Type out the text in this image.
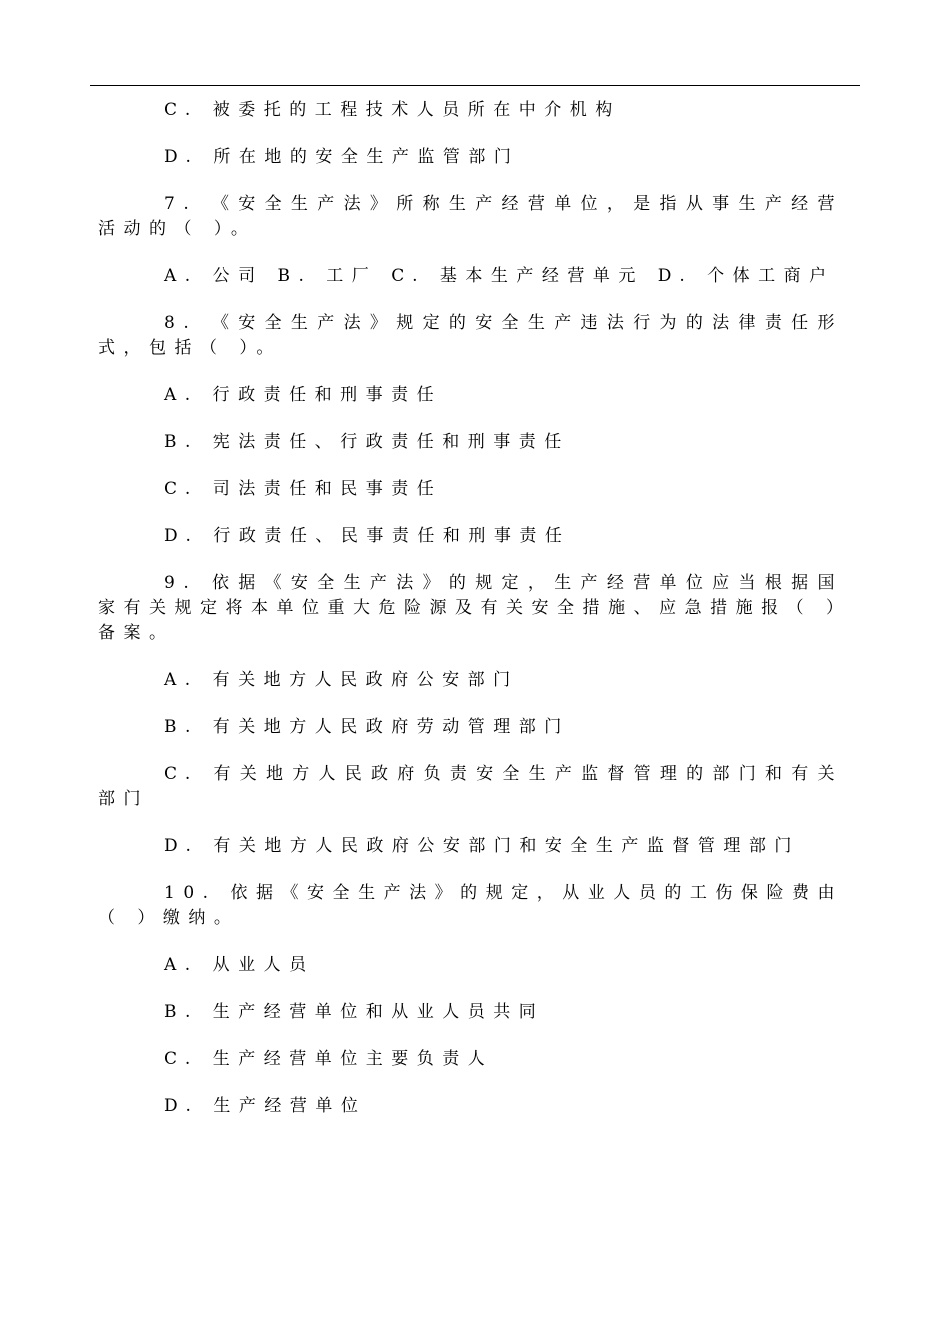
C. 被委托的工程技术人员所在中介机构

D. 所在地的安全生产监管部门

7. 《安全生产法》所称生产经营单位，是指从事生产经营活动的（ ）。

A. 公司 B. 工厂 C. 基本生产经营单元 D. 个体工商户

8. 《安全生产法》规定的安全生产违法行为的法律责任形式，包括（ ）。

A. 行政责任和刑事责任

B. 宪法责任、行政责任和刑事责任

C. 司法责任和民事责任

D. 行政责任、民事责任和刑事责任

9. 依据《安全生产法》的规定，生产经营单位应当根据国家有关规定将本单位重大危险源及有关安全措施、应急措施报（ ）备案。

A. 有关地方人民政府公安部门

B. 有关地方人民政府劳动管理部门

C. 有关地方人民政府负责安全生产监督管理的部门和有关部门

D. 有关地方人民政府公安部门和安全生产监督管理部门

10. 依据《安全生产法》的规定，从业人员的工伤保险费由（ ）缴纳。

A. 从业人员

B. 生产经营单位和从业人员共同

C. 生产经营单位主要负责人

D. 生产经营单位
